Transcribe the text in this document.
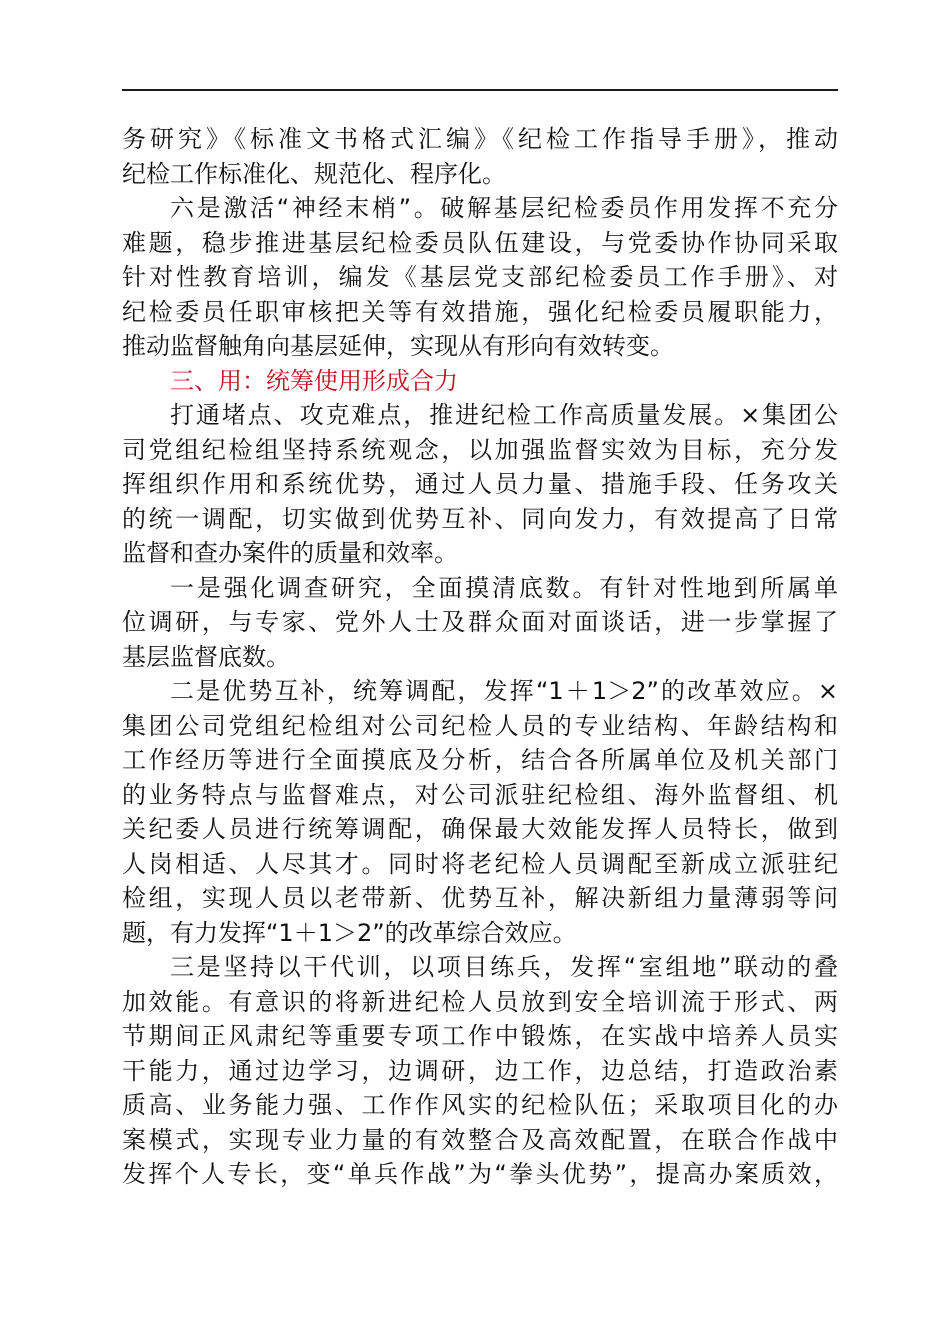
务研究》《标准文书格式汇编》《纪检工作指导手册》，推动
纪检工作标准化、规范化、程序化。
六是激活“神经末梢”。破解基层纪检委员作用发挥不充分
难题，稳步推进基层纪检委员队伍建设，与党委协作协同采取
针对性教育培训，编发《基层党支部纪检委员工作手册》、对
纪检委员任职审核把关等有效措施，强化纪检委员履职能力，
推动监督触角向基层延伸，实现从有形向有效转变。
三、用：统筹使用形成合力
打通堵点、攻克难点，推进纪检工作高质量发展。×集团公
司党组纪检组坚持系统观念，以加强监督实效为目标，充分发
挥组织作用和系统优势，通过人员力量、措施手段、任务攻关
的统一调配，切实做到优势互补、同向发力，有效提高了日常
监督和查办案件的质量和效率。
一是强化调查研究，全面摸清底数。有针对性地到所属单
位调研，与专家、党外人士及群众面对面谈话，进一步掌握了
基层监督底数。
二是优势互补，统筹调配，发挥“1＋1＞2”的改革效应。×
集团公司党组纪检组对公司纪检人员的专业结构、年龄结构和
工作经历等进行全面摸底及分析，结合各所属单位及机关部门
的业务特点与监督难点，对公司派驻纪检组、海外监督组、机
关纪委人员进行统筹调配，确保最大效能发挥人员特长，做到
人岗相适、人尽其才。同时将老纪检人员调配至新成立派驻纪
检组，实现人员以老带新、优势互补，解决新组力量薄弱等问
题，有力发挥“1＋1＞2”的改革综合效应。
三是坚持以干代训，以项目练兵，发挥“室组地”联动的叠
加效能。有意识的将新进纪检人员放到安全培训流于形式、两
节期间正风肃纪等重要专项工作中锻炼，在实战中培养人员实
干能力，通过边学习，边调研，边工作，边总结，打造政治素
质高、业务能力强、工作作风实的纪检队伍；采取项目化的办
案模式，实现专业力量的有效整合及高效配置，在联合作战中
发挥个人专长，变“单兵作战”为“拳头优势”，提高办案质效，
